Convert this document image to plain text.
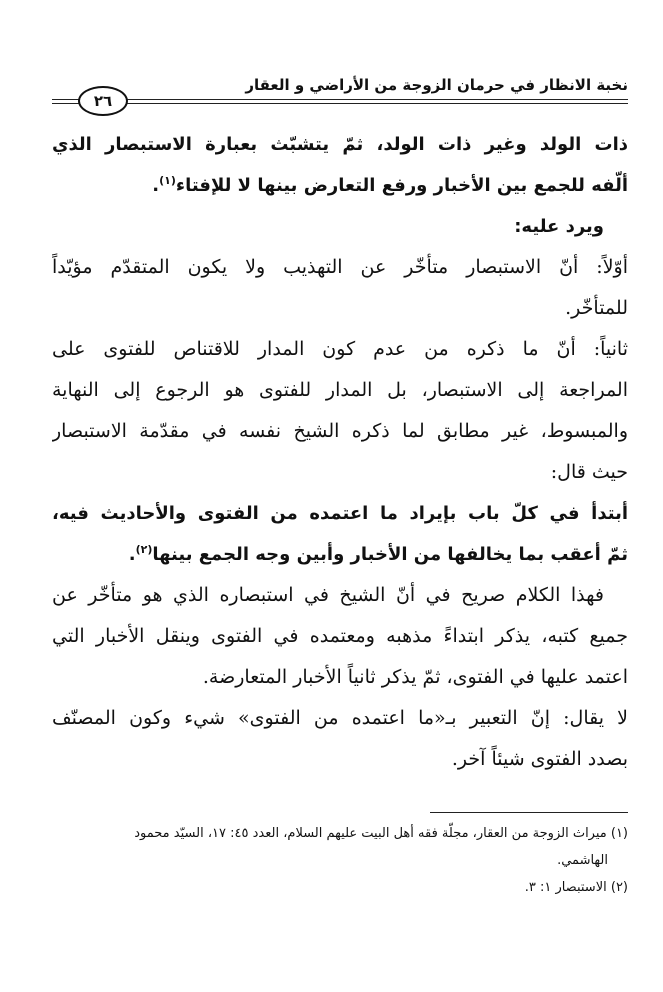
نخبة الانظار في حرمان الزوجة من الأراضي و العقار
٢٦
ذات الولد وغير ذات الولد، ثمّ يتشبّث بعبارة الاستبصار الذي
ألّفه للجمع بين الأخبار ورفع التعارض بينها لا للإفتاء$^{(١)}$.
ويرد عليه:
أوّلاً: أنّ الاستبصار متأخّر عن التهذيب ولا يكون المتقدّم مؤيّداً
للمتأخّر.
ثانياً: أنّ ما ذكره من عدم كون المدار للاقتناص للفتوى على
المراجعة إلى الاستبصار، بل المدار للفتوى هو الرجوع إلى النهاية
والمبسوط، غير مطابق لما ذكره الشيخ نفسه في مقدّمة الاستبصار
حيث قال:
أبتدأ في كلّ باب بإيراد ما اعتمده من الفتوى والأحاديث فيه،
ثمّ أعقب بما يخالفها من الأخبار وأبين وجه الجمع بينها$^{(٢)}$.
فهذا الكلام صريح في أنّ الشيخ في استبصاره الذي هو متأخّر عن
جميع كتبه، يذكر ابتداءً مذهبه ومعتمده في الفتوى وينقل الأخبار التي
اعتمد عليها في الفتوى، ثمّ يذكر ثانياً الأخبار المتعارضة.
لا يقال: إنّ التعبير بـ«ما اعتمده من الفتوى» شيء وكون المصنّف
بصدد الفتوى شيئاً آخر.
(١) ميراث الزوجة من العقار، مجلّة فقه أهل البيت عليهم السلام، العدد ٤٥: ١٧، السيّد محمود
الهاشمي.
(٢) الاستبصار ١: ٣.
